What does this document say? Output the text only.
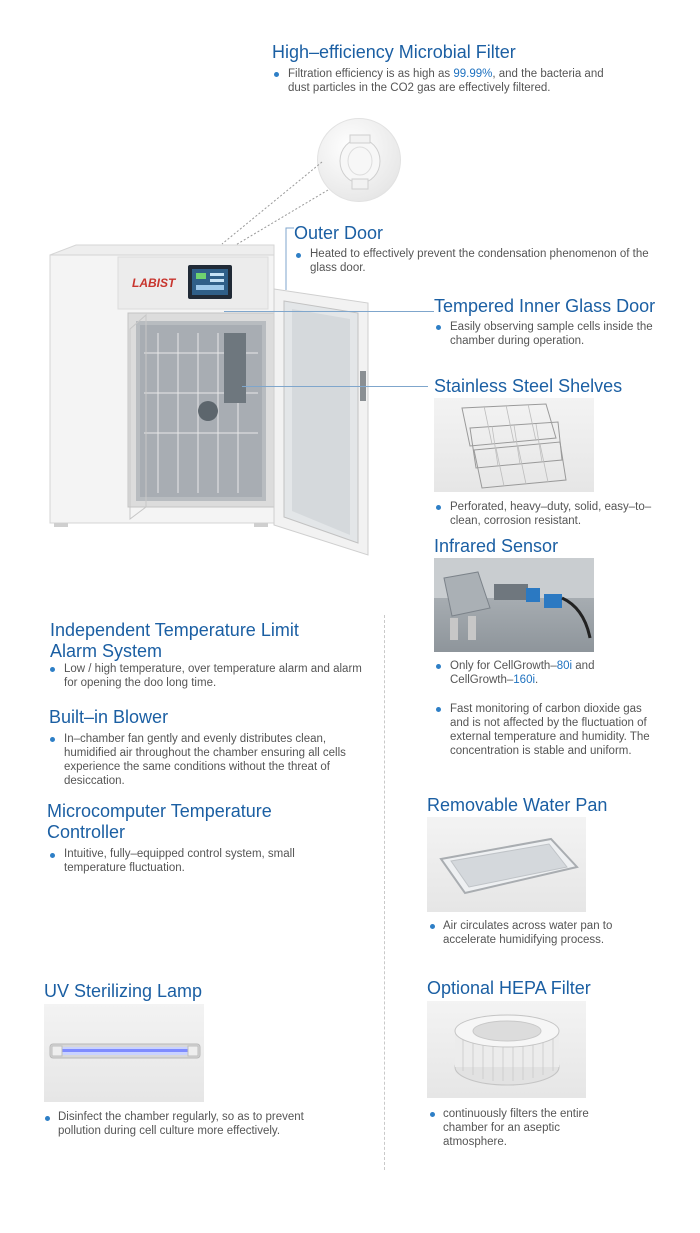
High–efficiency Microbial Filter
Filtration efficiency is as high as 99.99%, and the bacteria and dust particles in the CO2 gas are effectively filtered.
LABIST
Outer Door
Heated to effectively prevent the condensation phenomenon of the glass door.
Tempered Inner Glass Door
Easily observing sample cells inside the chamber during operation.
Stainless Steel Shelves
Perforated, heavy–duty, solid, easy–to–clean, corrosion resistant.
Infrared Sensor
Only for CellGrowth–80i and CellGrowth–160i.
Fast monitoring of carbon dioxide gas and is not affected by the fluctuation of external temperature and humidity. The concentration is stable and uniform.
Independent Temperature Limit Alarm System
Low / high temperature, over temperature alarm and alarm for opening the doo long time.
Built–in Blower
In–chamber fan gently and evenly distributes clean, humidified air throughout the chamber ensuring all cells experience the same conditions without the threat of desiccation.
Microcomputer Temperature Controller
Intuitive, fully–equipped control system, small temperature fluctuation.
UV Sterilizing Lamp
Disinfect the chamber regularly, so as to prevent pollution during cell culture more effectively.
Removable Water Pan
Air circulates across water pan to accelerate humidifying process.
Optional HEPA Filter
continuously filters the entire chamber for an aseptic atmosphere.
